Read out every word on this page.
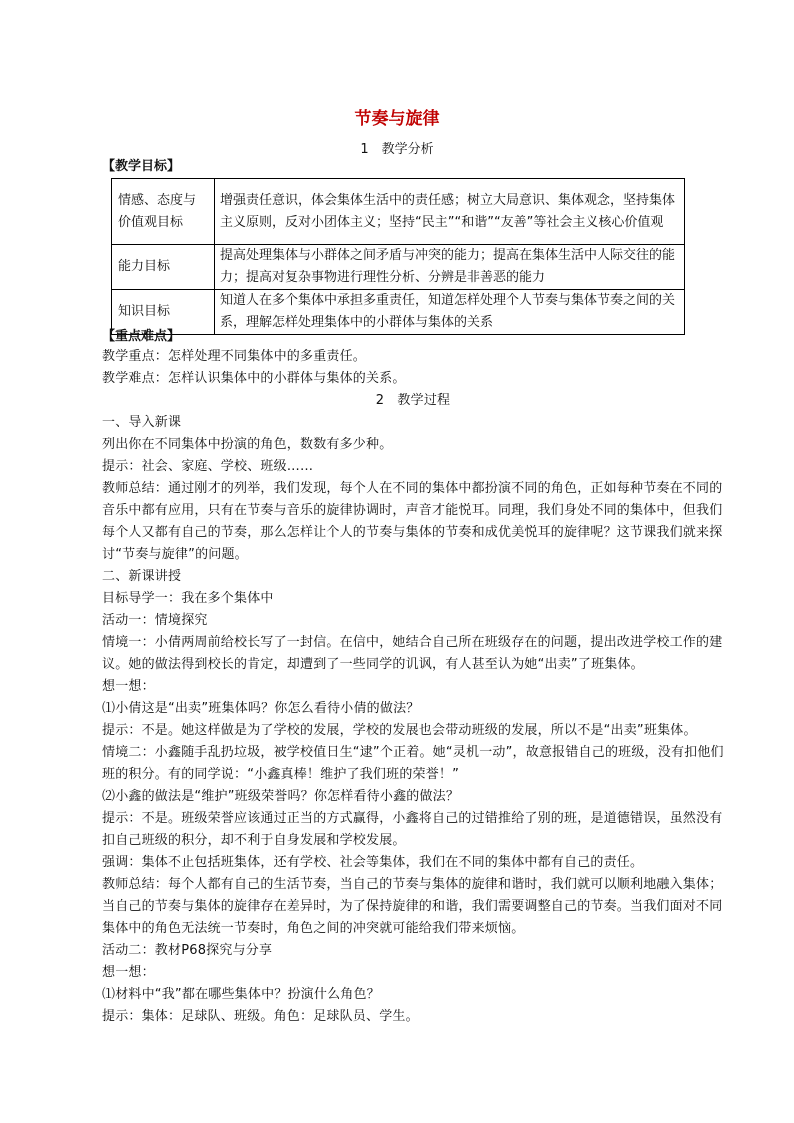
节奏与旋律
1　教学分析
【教学目标】
情感、态度与
价值观目标	增强责任意识，体会集体生活中的责任感；树立大局意识、集体观念，坚持集体主义原则，反对小团体主义；坚持“民主”“和谐”“友善”等社会主义核心价值观

能力目标	提高处理集体与小群体之间矛盾与冲突的能力；提高在集体生活中人际交往的能力；提高对复杂事物进行理性分析、分辨是非善恶的能力

知识目标	知道人在多个集体中承担多重责任，知道怎样处理个人节奏与集体节奏之间的关系，理解怎样处理集体中的小群体与集体的关系
【重点难点】

教学重点：怎样处理不同集体中的多重责任。

教学难点：怎样认识集体中的小群体与集体的关系。

2　教学过程

一、导入新课

列出你在不同集体中扮演的角色，数数有多少种。

提示：社会、家庭、学校、班级……

教师总结：通过刚才的列举，我们发现，每个人在不同的集体中都扮演不同的角色，正如每种节奏在不同的音乐中都有应用，只有在节奏与音乐的旋律协调时，声音才能悦耳。同理，我们身处不同的集体中，但我们每个人又都有自己的节奏，那么怎样让个人的节奏与集体的节奏和成优美悦耳的旋律呢？这节课我们就来探讨“节奏与旋律”的问题。

二、新课讲授

目标导学一：我在多个集体中

活动一：情境探究

情境一：小倩两周前给校长写了一封信。在信中，她结合自己所在班级存在的问题，提出改进学校工作的建议。她的做法得到校长的肯定，却遭到了一些同学的讥讽，有人甚至认为她“出卖”了班集体。

想一想：

⑴小倩这是“出卖”班集体吗？你怎么看待小倩的做法？

提示：不是。她这样做是为了学校的发展，学校的发展也会带动班级的发展，所以不是“出卖”班集体。

情境二：小鑫随手乱扔垃圾，被学校值日生“逮”个正着。她“灵机一动”，故意报错自己的班级，没有扣他们班的积分。有的同学说：“小鑫真棒！维护了我们班的荣誉！”

⑵小鑫的做法是“维护”班级荣誉吗？你怎样看待小鑫的做法？

提示：不是。班级荣誉应该通过正当的方式赢得，小鑫将自己的过错推给了别的班，是道德错误，虽然没有扣自己班级的积分，却不利于自身发展和学校发展。

强调：集体不止包括班集体，还有学校、社会等集体，我们在不同的集体中都有自己的责任。

教师总结：每个人都有自己的生活节奏，当自己的节奏与集体的旋律和谐时，我们就可以顺利地融入集体；当自己的节奏与集体的旋律存在差异时，为了保持旋律的和谐，我们需要调整自己的节奏。当我们面对不同集体中的角色无法统一节奏时，角色之间的冲突就可能给我们带来烦恼。

活动二：教材P68探究与分享

想一想：

⑴材料中“我”都在哪些集体中？扮演什么角色？

提示：集体：足球队、班级。角色：足球队员、学生。
